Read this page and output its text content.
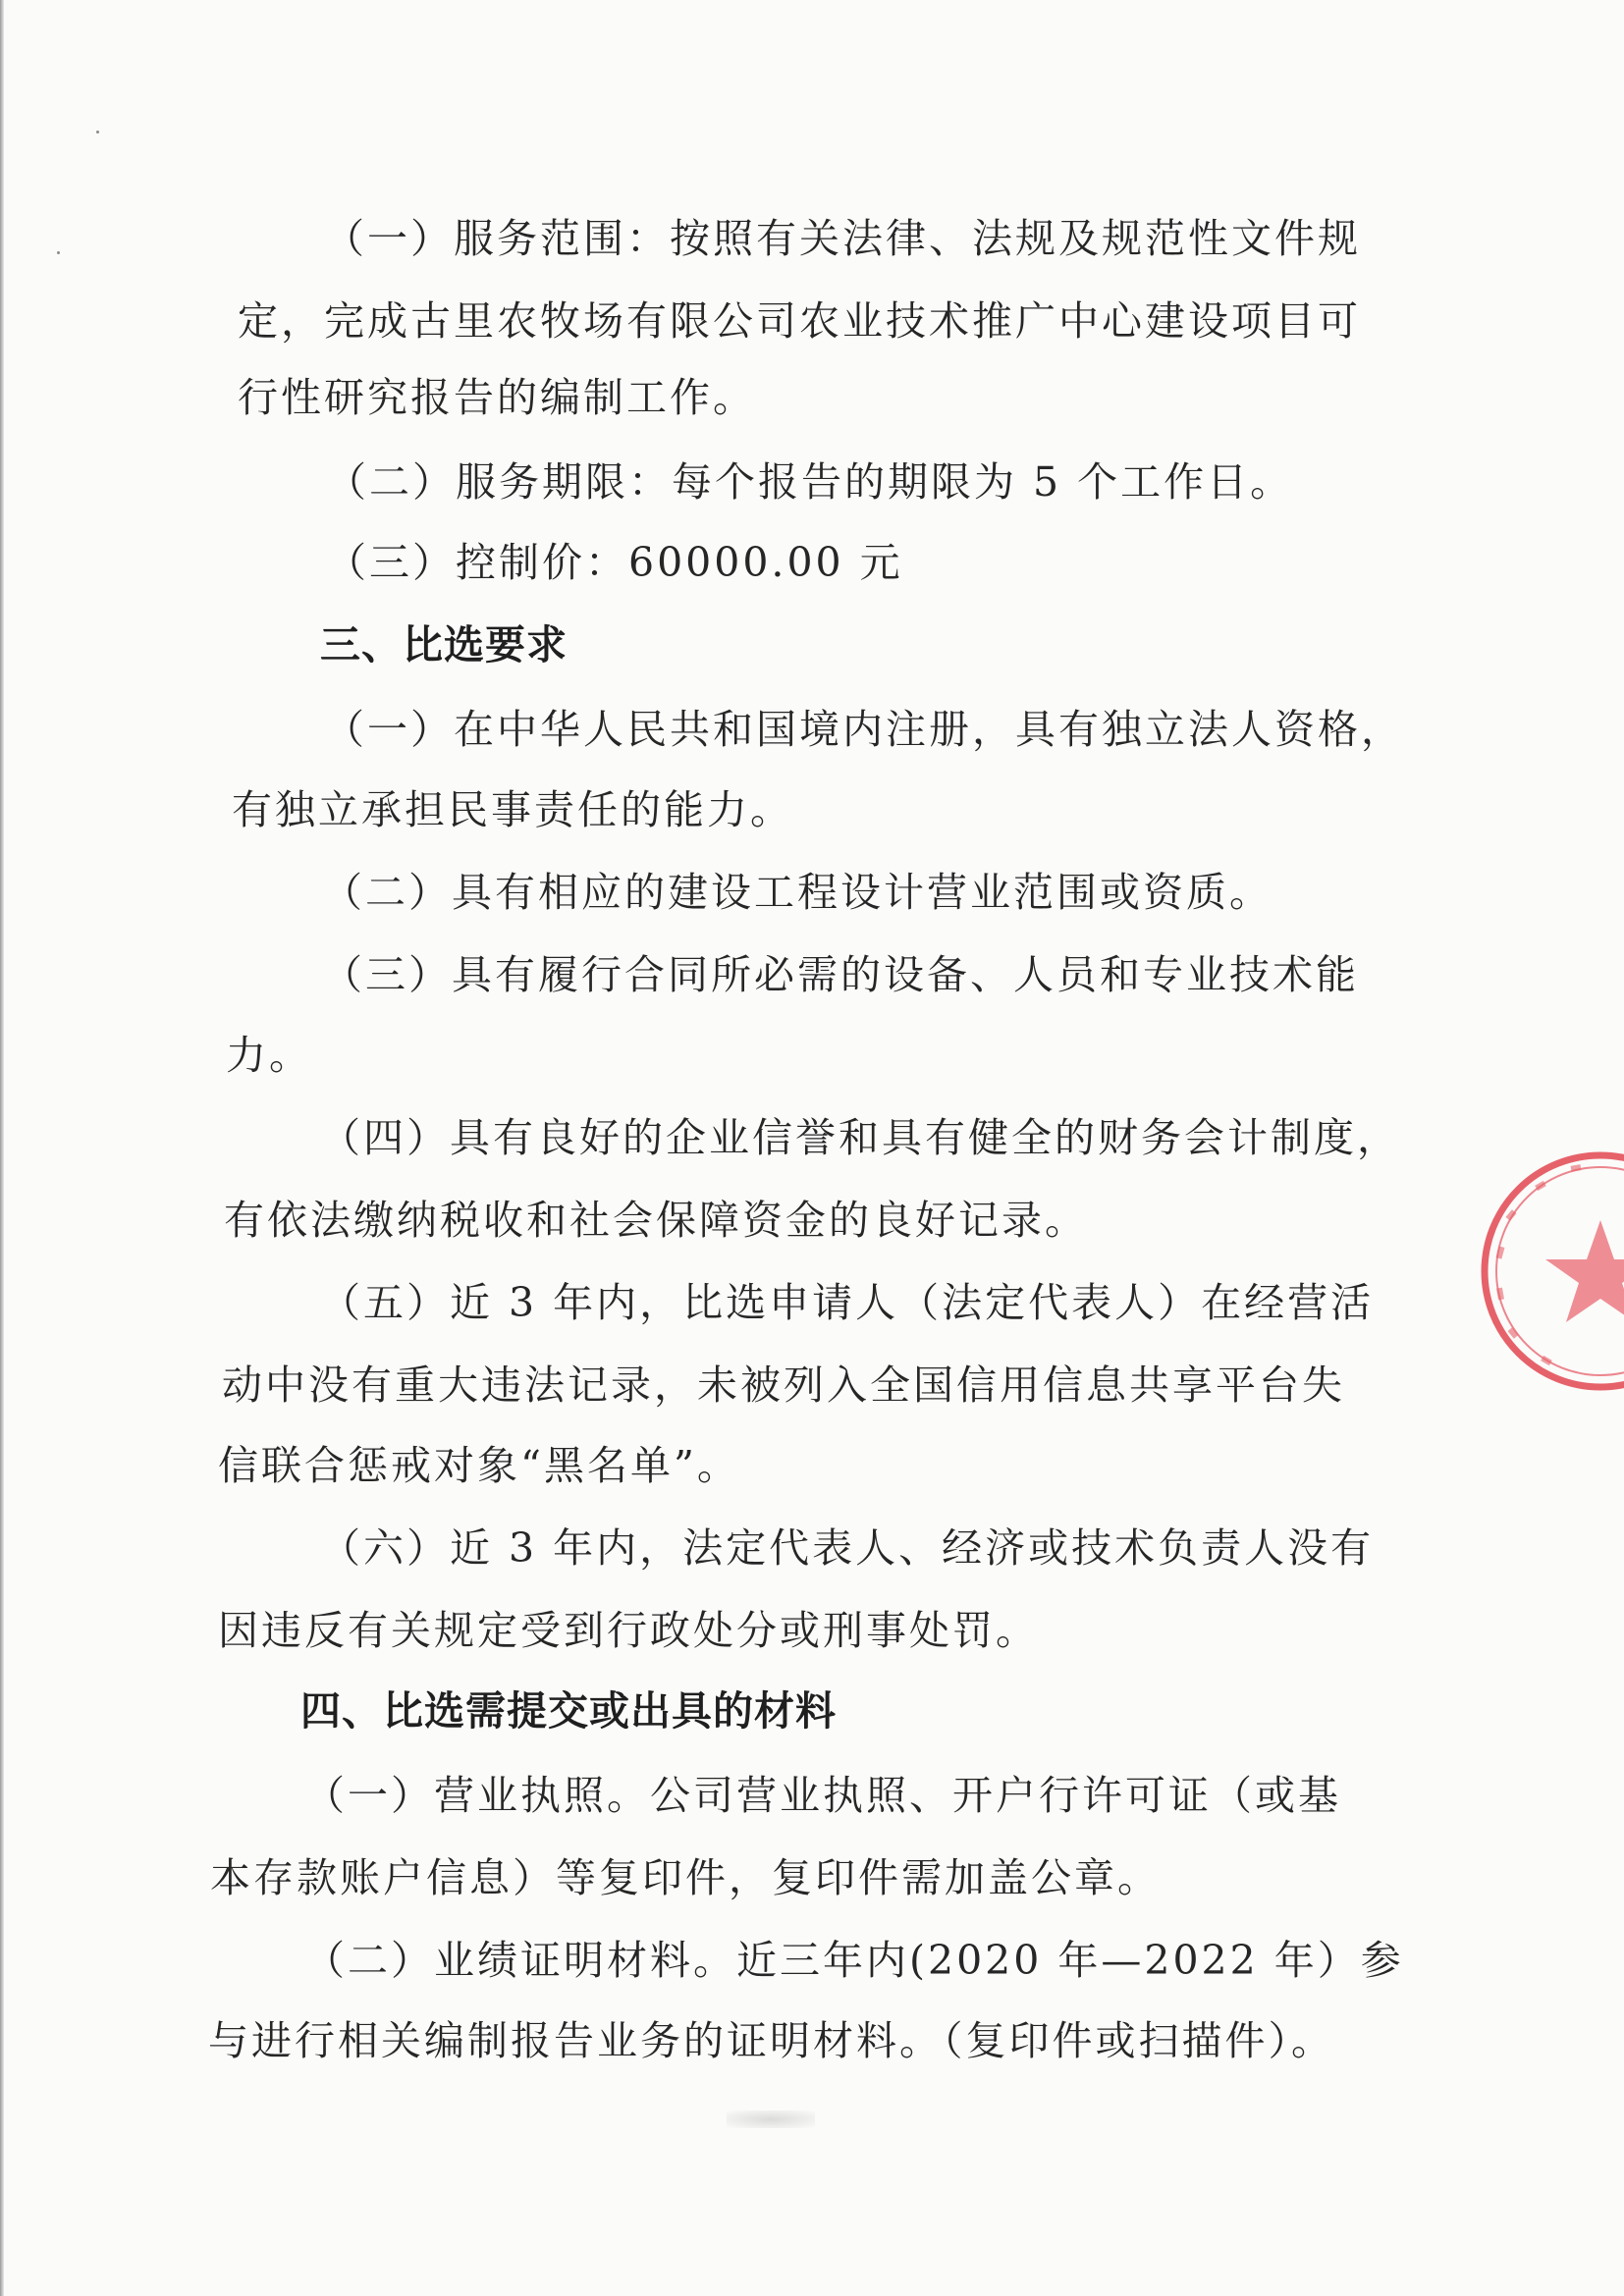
（一）服务范围：按照有关法律、法规及规范性文件规
定，完成古里农牧场有限公司农业技术推广中心建设项目可
行性研究报告的编制工作。
（二）服务期限：每个报告的期限为 5 个工作日。
（三）控制价：60000.00 元
三、比选要求
（一）在中华人民共和国境内注册，具有独立法人资格，
有独立承担民事责任的能力。
（二）具有相应的建设工程设计营业范围或资质。
（三）具有履行合同所必需的设备、人员和专业技术能
力。
（四）具有良好的企业信誉和具有健全的财务会计制度，
有依法缴纳税收和社会保障资金的良好记录。
（五）近 3 年内，比选申请人（法定代表人）在经营活
动中没有重大违法记录，未被列入全国信用信息共享平台失
信联合惩戒对象“黑名单”。
（六）近 3 年内，法定代表人、经济或技术负责人没有
因违反有关规定受到行政处分或刑事处罚。
四、比选需提交或出具的材料
（一）营业执照。公司营业执照、开户行许可证（或基
本存款账户信息）等复印件，复印件需加盖公章。
（二）业绩证明材料。近三年内(2020 年—2022 年）参
与进行相关编制报告业务的证明材料。（复印件或扫描件）。
